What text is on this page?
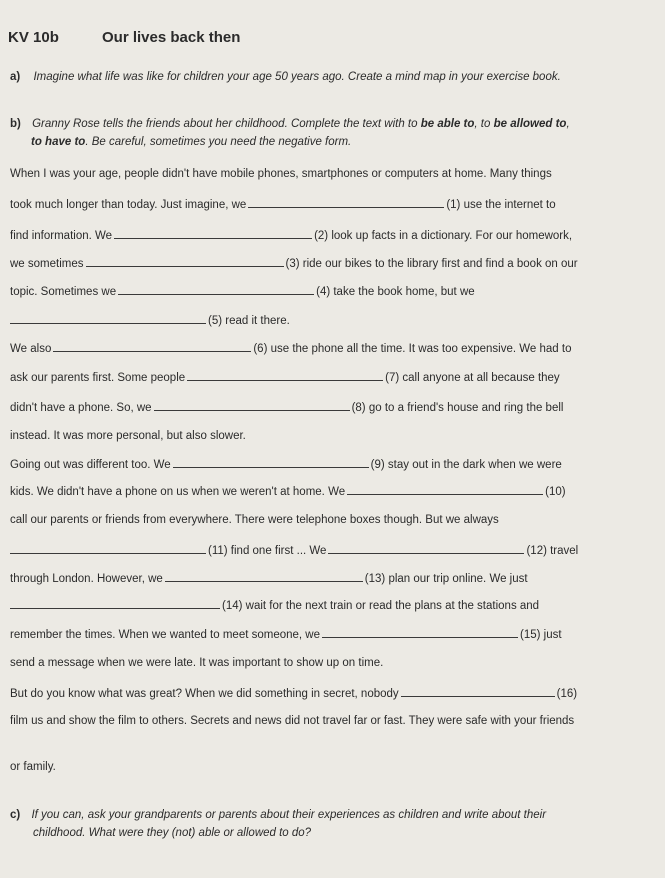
KV 10b	Our lives back then
a) Imagine what life was like for children your age 50 years ago. Create a mind map in your exercise book.
b) Granny Rose tells the friends about her childhood. Complete the text with to be able to, to be allowed to,
to have to. Be careful, sometimes you need the negative form.
When I was your age, people didn't have mobile phones, smartphones or computers at home. Many things
took much longer than today. Just imagine, we	(1) use the internet to
find information. We	(2) look up facts in a dictionary. For our homework,
we sometimes	(3) ride our bikes to the library first and find a book on our
topic. Sometimes we	(4) take the book home, but we
(5) read it there.
We also	(6) use the phone all the time. It was too expensive. We had to
ask our parents first. Some people	(7) call anyone at all because they
didn't have a phone. So, we	(8) go to a friend's house and ring the bell
instead. It was more personal, but also slower.
Going out was different too. We	(9) stay out in the dark when we were
kids. We didn't have a phone on us when we weren't at home. We	(10)
call our parents or friends from everywhere. There were telephone boxes though. But we always
(11) find one first ... We	(12) travel
through London. However, we	(13) plan our trip online. We just
(14) wait for the next train or read the plans at the stations and
remember the times. When we wanted to meet someone, we	(15) just
send a message when we were late. It was important to show up on time.
But do you know what was great? When we did something in secret, nobody	(16)
film us and show the film to others. Secrets and news did not travel far or fast. They were safe with your friends
or family.
c) If you can, ask your grandparents or parents about their experiences as children and write about their
childhood. What were they (not) able or allowed to do?
